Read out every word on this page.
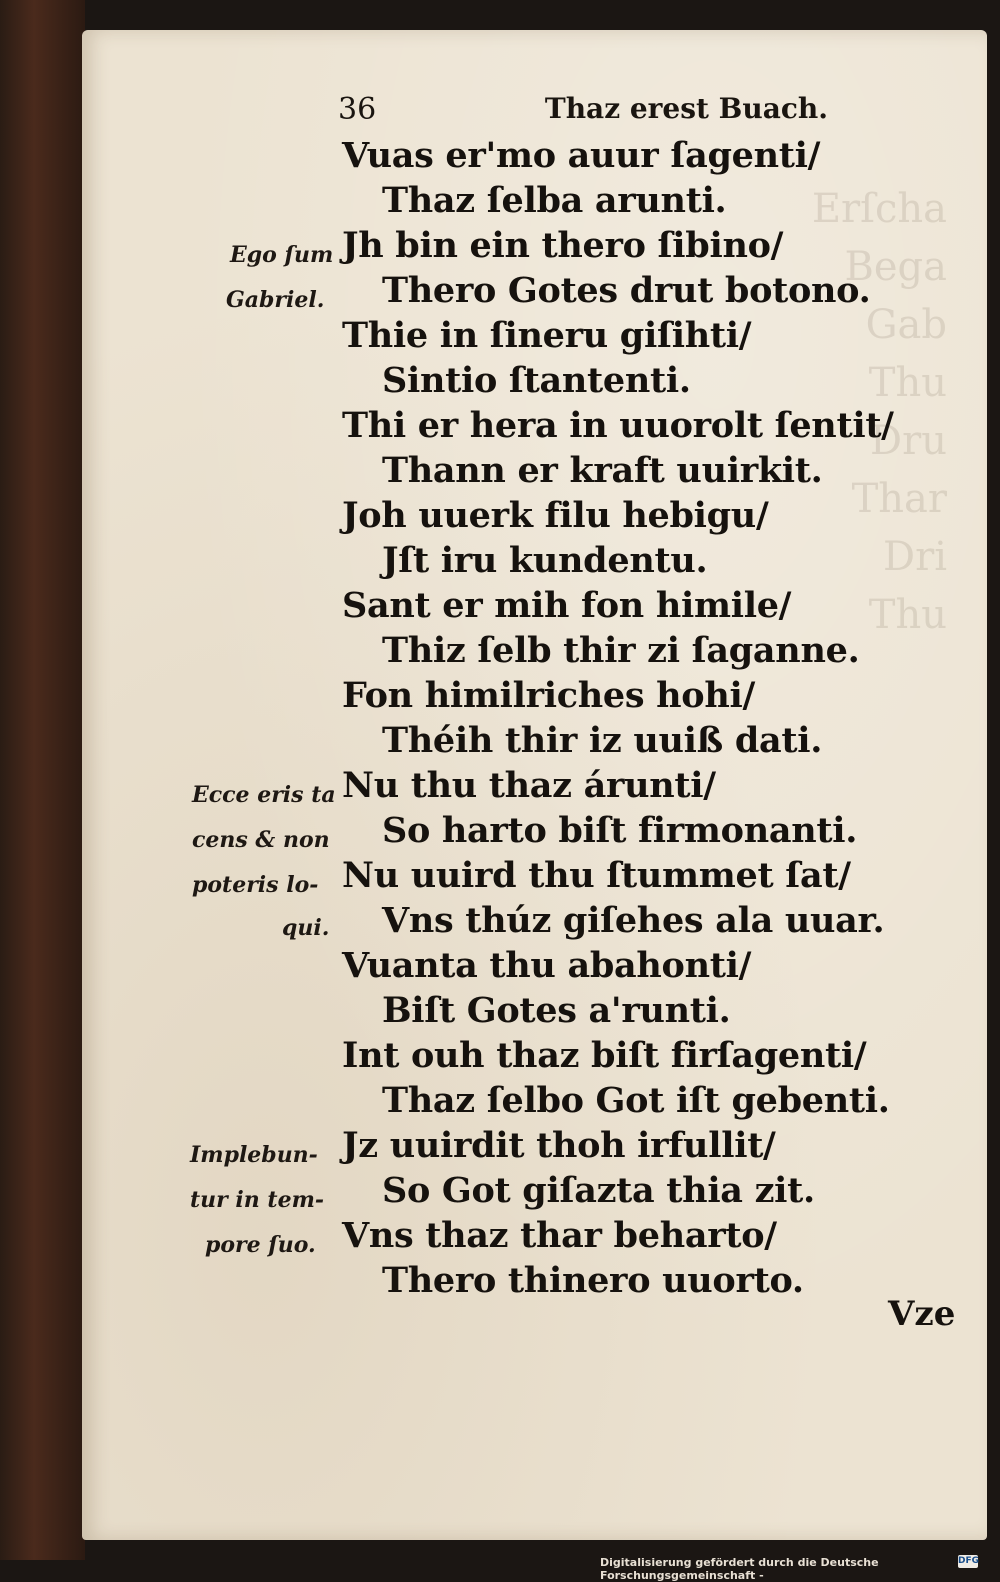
Erſcha
Bega
Gab
Thu
Dru
Thar
Dri
Thu
36	Thaz erest Buach.
Vuas er'mo auur ſagenti/
Thaz ſelba arunti.
Jh bin ein thero ſibino/
Thero Gotes drut botono.
Thie in ſineru giſihti/
Sintio ſtantenti.
Thi er hera in uuorolt ſentit/
Thann er kraft uuirkit.
Joh uuerk filu hebigu/
Jſt iru kundentu.
Sant er mih fon himile/
Thiz ſelb thir zi ſaganne.
Fon himilriches hohi/
Théih thir iz uuiß dati.
Nu thu thaz árunti/
So harto biſt firmonanti.
Nu uuird thu ſtummet ſat/
Vns thúz giſehes ala uuar.
Vuanta thu abahonti/
Biſt Gotes a'runti.
Int ouh thaz biſt firſagenti/
Thaz ſelbo Got iſt gebenti.
Jz uuirdit thoh irfullit/
So Got giſazta thia zit.
Vns thaz thar beharto/
Thero thinero uuorto.
Ego ſum
Gabriel.
Ecce eris ta
cens & non
poteris lo-
qui.
Implebun-
tur in tem-
pore ſuo.
Vze
Digitalisierung gefördert durch die Deutsche Forschungsgemeinschaft -
DFG
